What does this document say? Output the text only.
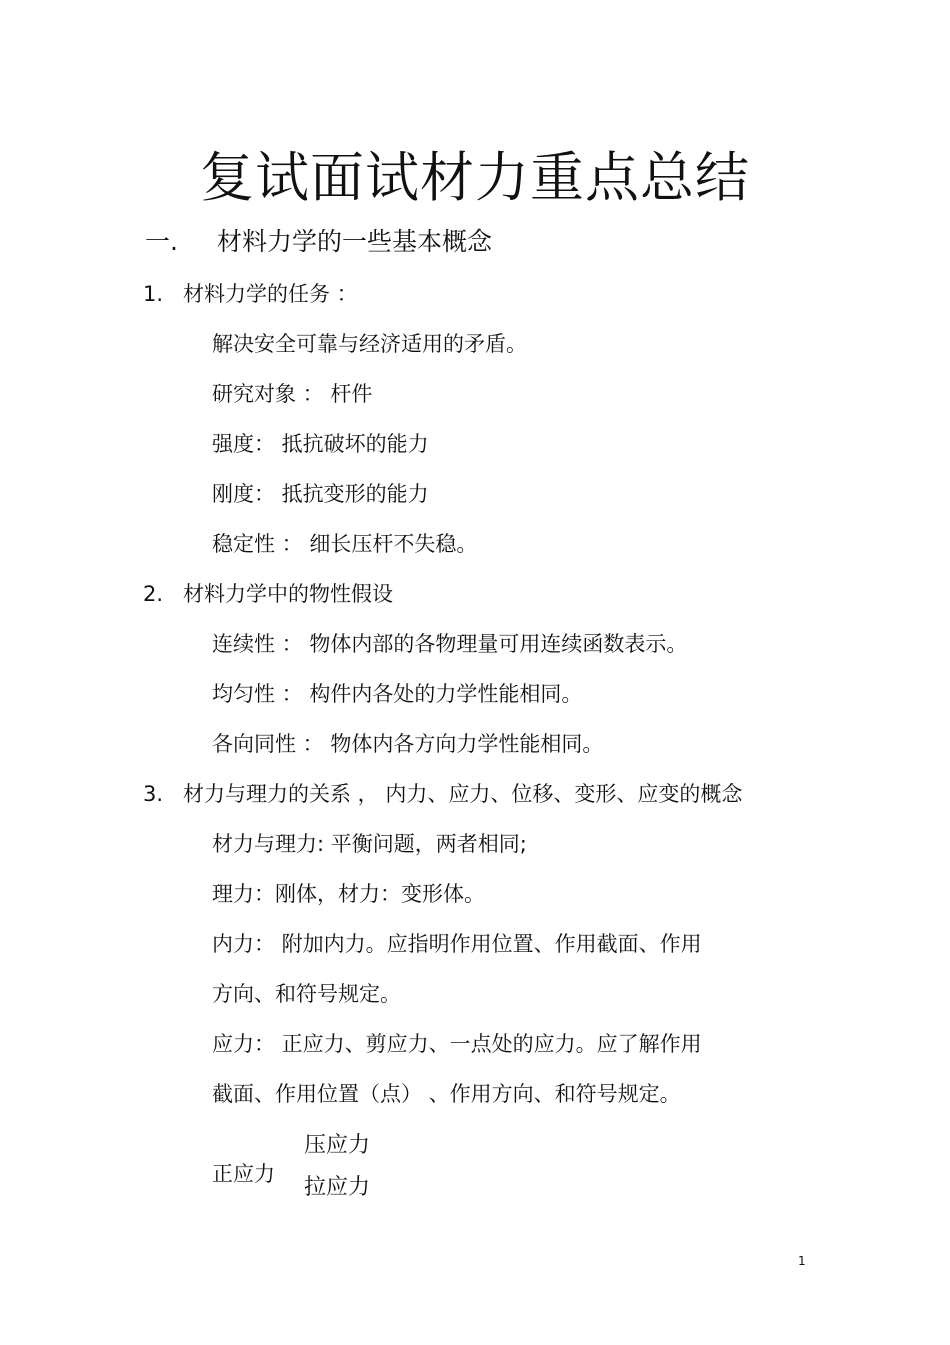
复试面试材力重点总结
一. 材料力学的一些基本概念
1. 材料力学的任务 ：
解决安全可靠与经济适用的矛盾。
研究对象 ： 杆件
强度： 抵抗破坏的能力
刚度： 抵抗变形的能力
稳定性 ： 细长压杆不失稳。
2. 材料力学中的物性假设
连续性 ： 物体内部的各物理量可用连续函数表示。
均匀性 ： 构件内各处的力学性能相同。
各向同性 ： 物体内各方向力学性能相同。
3. 材力与理力的关系 ， 内力、应力、位移、变形、应变的概念
材力与理力: 平衡问题，两者相同;
理力：刚体，材力：变形体。
内力： 附加内力。应指明作用位置、作用截面、作用
方向、和符号规定。
应力： 正应力、剪应力、一点处的应力。应了解作用
截面、作用位置（点） 、作用方向、和符号规定。
正应力
压应力
拉应力
1
